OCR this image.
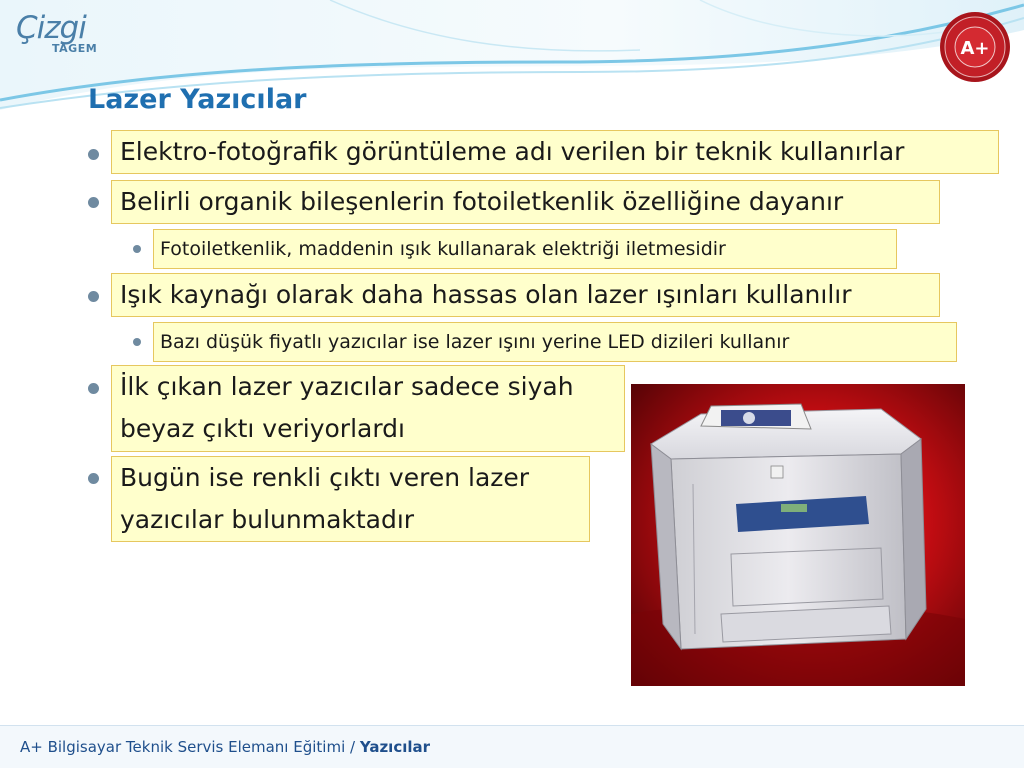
Çizgi
TAGEM	A+
Lazer Yazıcılar
Elektro-fotoğrafik görüntüleme adı verilen bir teknik kullanırlar
Belirli organik bileşenlerin fotoiletkenlik özelliğine dayanır
Fotoiletkenlik, maddenin ışık kullanarak elektriği iletmesidir
Işık kaynağı olarak daha hassas olan lazer ışınları kullanılır
Bazı düşük fiyatlı yazıcılar ise lazer ışını yerine LED dizileri kullanır
İlk çıkan lazer yazıcılar sadece siyah beyaz çıktı veriyorlardı
Bugün ise renkli çıktı veren lazer yazıcılar bulunmaktadır
A+ Bilgisayar Teknik Servis Elemanı Eğitimi / Yazıcılar
